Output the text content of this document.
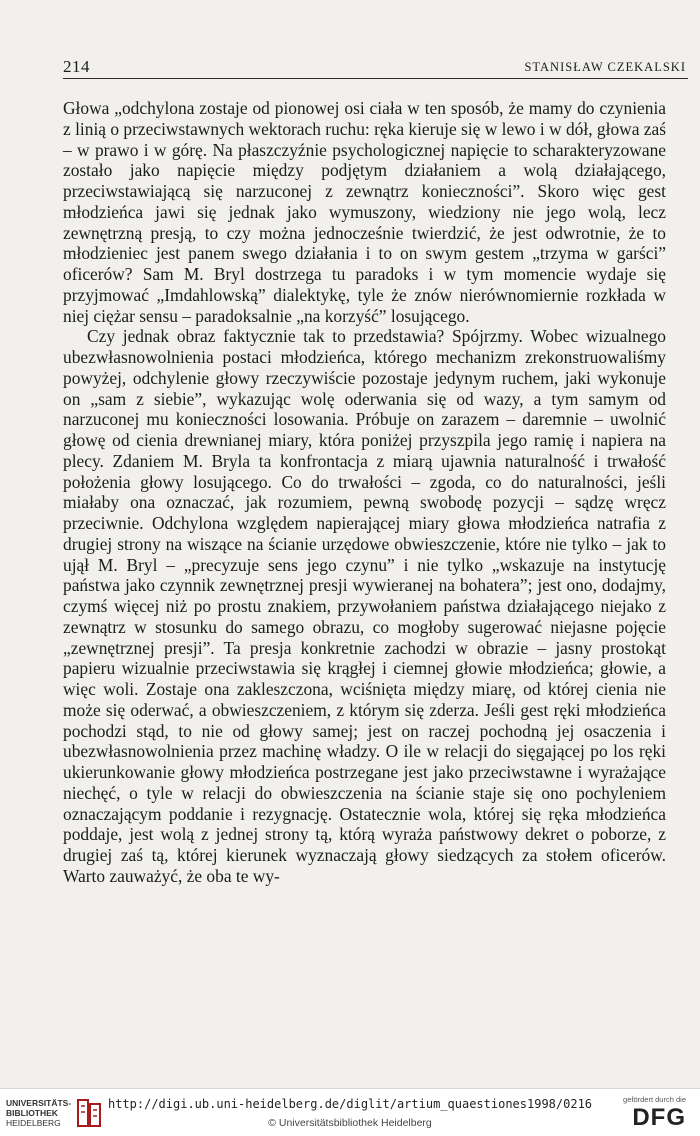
214	STANISŁAW CZEKALSKI

Głowa „odchylona zostaje od pionowej osi ciała w ten sposób, że mamy do czynienia z linią o przeciwstawnych wektorach ruchu: ręka kieruje się w lewo i w dół, głowa zaś – w prawo i w górę. Na płaszczyźnie psychologicznej napięcie to scharakteryzowane zostało jako napięcie między podjętym działaniem a wolą działającego, przeciwstawiającą się narzuconej z zewnątrz konieczności”. Skoro więc gest młodzieńca jawi się jednak jako wymuszony, wiedziony nie jego wolą, lecz zewnętrzną presją, to czy można jednocześnie twierdzić, że jest odwrotnie, że to młodzieniec jest panem swego działania i to on swym gestem „trzyma w garści” oficerów? Sam M. Bryl dostrzega tu paradoks i w tym momencie wydaje się przyjmować „Imdahlowską” dialektykę, tyle że znów nierównomiernie rozkłada w niej ciężar sensu – paradoksalnie „na korzyść” losującego.

Czy jednak obraz faktycznie tak to przedstawia? Spójrzmy. Wobec wizualnego ubezwłasnowolnienia postaci młodzieńca, którego mechanizm zrekonstruowaliśmy powyżej, odchylenie głowy rzeczywiście pozostaje jedynym ruchem, jaki wykonuje on „sam z siebie”, wykazując wolę oderwania się od wazy, a tym samym od narzuconej mu konieczności losowania. Próbuje on zarazem – daremnie – uwolnić głowę od cienia drewnianej miary, która poniżej przyszpila jego ramię i napiera na plecy. Zdaniem M. Bryla ta konfrontacja z miarą ujawnia naturalność i trwałość położenia głowy losującego. Co do trwałości – zgoda, co do naturalności, jeśli miałaby ona oznaczać, jak rozumiem, pewną swobodę pozycji – sądzę wręcz przeciwnie. Odchylona względem napierającej miary głowa młodzieńca natrafia z drugiej strony na wiszące na ścianie urzędowe obwieszczenie, które nie tylko – jak to ujął M. Bryl – „precyzuje sens jego czynu” i nie tylko „wskazuje na instytucję państwa jako czynnik zewnętrznej presji wywieranej na bohatera”; jest ono, dodajmy, czymś więcej niż po prostu znakiem, przywołaniem państwa działającego niejako z zewnątrz w stosunku do samego obrazu, co mogłoby sugerować niejasne pojęcie „zewnętrznej presji”. Ta presja konkretnie zachodzi w obrazie – jasny prostokąt papieru wizualnie przeciwstawia się krągłej i ciemnej głowie młodzieńca; głowie, a więc woli. Zostaje ona zakleszczona, wciśnięta między miarę, od której cienia nie może się oderwać, a obwieszczeniem, z którym się zderza. Jeśli gest ręki młodzieńca pochodzi stąd, to nie od głowy samej; jest on raczej pochodną jej osaczenia i ubezwłasnowolnienia przez machinę władzy. O ile w relacji do sięgającej po los ręki ukierunkowanie głowy młodzieńca postrzegane jest jako przeciwstawne i wyrażające niechęć, o tyle w relacji do obwieszczenia na ścianie staje się ono pochyleniem oznaczającym poddanie i rezygnację. Ostatecznie wola, której się ręka młodzieńca poddaje, jest wolą z jednej strony tą, którą wyraża państwowy dekret o poborze, z drugiej zaś tą, której kierunek wyznaczają głowy siedzących za stołem oficerów. Warto zauważyć, że oba te wy-

UNIVERSITÄTS-
BIBLIOTHEK
HEIDELBERG
http://digi.ub.uni-heidelberg.de/diglit/artium_quaestiones1998/0216
© Universitätsbibliothek Heidelberg
gefördert durch die
DFG
